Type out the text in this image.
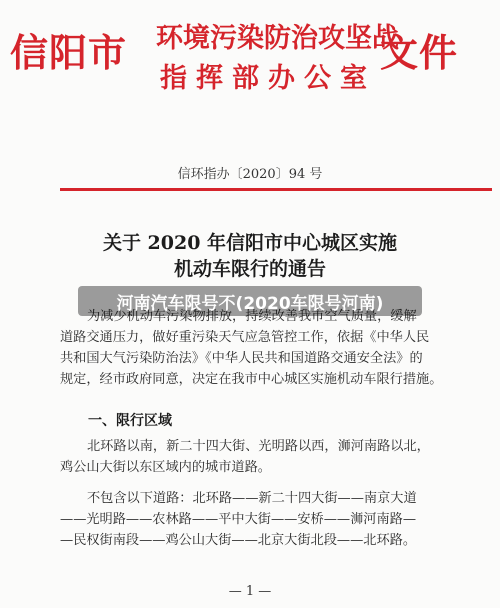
信阳市 环境污染防治攻坚战
指挥部办公室
文件
信环指办〔2020〕94 号
关于 2020 年信阳市中心城区实施
机动车限行的通告
为减少机动车污染物排放，持续改善我市空气质量，缓解
道路交通压力，做好重污染天气应急管控工作，依据《中华人民
共和国大气污染防治法》《中华人民共和国道路交通安全法》的
规定，经市政府同意，决定在我市中心城区实施机动车限行措施。
河南汽车限号不(2020车限号河南)
一、限行区域
北环路以南，新二十四大街、光明路以西，浉河南路以北，
鸡公山大街以东区域内的城市道路。
不包含以下道路：北环路——新二十四大街——南京大道
——光明路——农林路——平中大街——安桥——浉河南路—
—民权街南段——鸡公山大街——北京大街北段——北环路。
— 1 —
